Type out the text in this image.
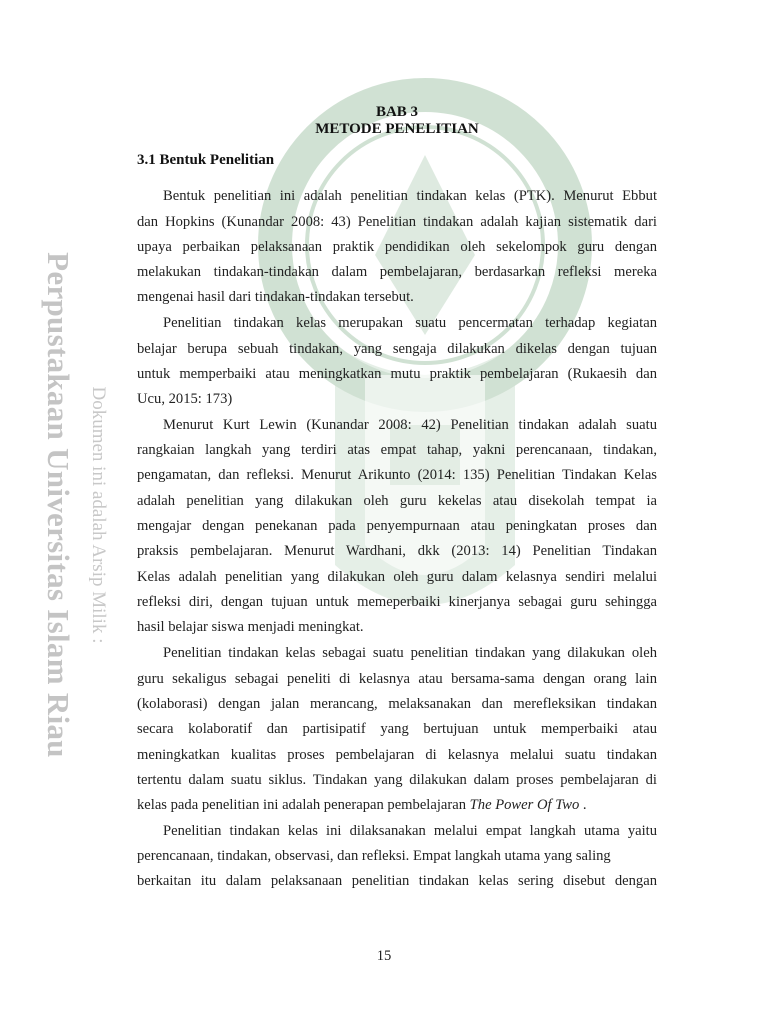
Perpustakaan Universitas Islam Riau Dokumen ini adalah Arsip Milik :
BAB 3
METODE PENELITIAN
3.1 Bentuk Penelitian
Bentuk penelitian ini adalah penelitian tindakan kelas (PTK). Menurut Ebbut
dan Hopkins (Kunandar 2008: 43) Penelitian tindakan adalah kajian sistematik dari
upaya perbaikan pelaksanaan praktik pendidikan oleh sekelompok guru dengan
melakukan tindakan-tindakan dalam pembelajaran, berdasarkan refleksi mereka
mengenai hasil dari tindakan-tindakan tersebut.
Penelitian tindakan kelas merupakan suatu pencermatan terhadap kegiatan
belajar berupa sebuah tindakan, yang sengaja dilakukan dikelas dengan tujuan
untuk memperbaiki atau meningkatkan mutu praktik pembelajaran (Rukaesih dan
Ucu, 2015: 173)
Menurut Kurt Lewin (Kunandar 2008: 42) Penelitian tindakan adalah suatu
rangkaian langkah yang terdiri atas empat tahap, yakni perencanaan, tindakan,
pengamatan, dan refleksi. Menurut Arikunto (2014: 135) Penelitian Tindakan Kelas
adalah penelitian yang dilakukan oleh guru kekelas atau disekolah tempat ia
mengajar dengan penekanan pada penyempurnaan atau peningkatan proses dan
praksis pembelajaran. Menurut Wardhani, dkk (2013: 14) Penelitian Tindakan
Kelas adalah penelitian yang dilakukan oleh guru dalam kelasnya sendiri melalui
refleksi diri, dengan tujuan untuk memeperbaiki kinerjanya sebagai guru sehingga
hasil belajar siswa menjadi meningkat.
Penelitian tindakan kelas sebagai suatu penelitian tindakan yang dilakukan oleh
guru sekaligus sebagai peneliti di kelasnya atau bersama-sama dengan orang lain
(kolaborasi) dengan jalan merancang, melaksanakan dan merefleksikan tindakan
secara kolaboratif dan partisipatif yang bertujuan untuk memperbaiki atau
meningkatkan kualitas proses pembelajaran di kelasnya melalui suatu tindakan
tertentu dalam suatu siklus. Tindakan yang dilakukan dalam proses pembelajaran di
kelas pada penelitian ini adalah penerapan pembelajaran The Power Of Two .
Penelitian tindakan kelas ini dilaksanakan melalui empat langkah utama yaitu
perencanaan, tindakan, observasi, dan refleksi. Empat langkah utama yang saling
berkaitan itu dalam pelaksanaan penelitian tindakan kelas sering disebut dengan
15
